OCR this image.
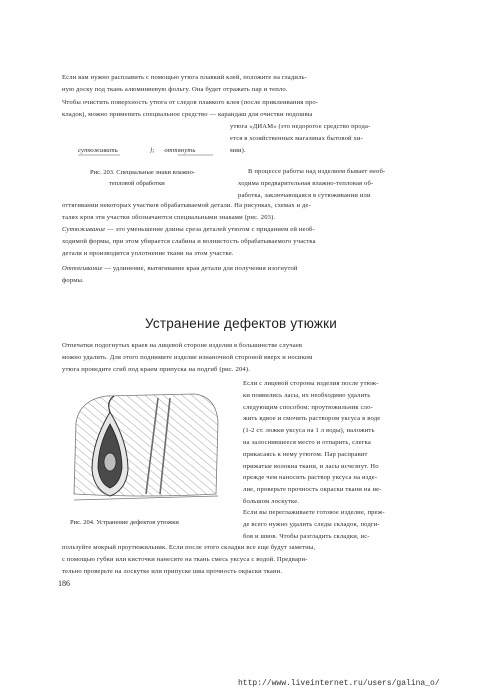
Если вам нужно расплавить с помощью утюга плавкий клей, положите на гладиль-
ную доску под ткань алюминиевую фольгу. Она будет отражать пар и тепло.
Чтобы очистить поверхность утюга от следов плавкого клея (после приклеивания про-
кладок), можно применить специальное средство — карандаш для очистки подошвы
утюга «ДИАМ» (это недорогое средство прода-
ется в хозяйственных магазинах бытовой хи-
мии).
сутюживать	}; оттянуть
Рис. 203. Специальные знаки влажно-
тепловой обработки
В процессе работы над изделием бывает необ-
ходима предварительная влажно-тепловая об-
работка, заключающаяся в сутюживании или
оттягивании некоторых участков обрабатываемой детали. На рисунках, схемах и де-
талях кроя эти участки обозначаются специальными знаками (рис. 203).
Сутюживание — это уменьшение длины среза деталей утюгом с приданием ей необ-
ходимой формы, при этом убирается слабина и волнистость обрабатываемого участка
детали и производится уплотнение ткани на этом участке.
Оттягивание — удлинение, вытягивание края детали для получения изогнутой
формы.
Устранение дефектов утюжки
Отпечатки подогнутых краев на лицевой стороне изделия в большинстве случаев
можно удалить. Для этого поднимите изделие изнаночной стороной вверх и носиком
утюга проведите сгиб под краем припуска на подгиб (рис. 204).
Рис. 204. Устранение дефектов утюжки
Если с лицевой стороны изделия после утюж-
ки появились ласы, их необходимо удалить
следующим способом: проутюжильник сло-
жить вдвое и смочить раствором уксуса в воде
(1-2 ст. ложки уксуса на 1 л воды), наложить
на залоснившееся место и отпарить, слегка
прикасаясь к нему утюгом. Пар расправит
прижатые волокна ткани, и ласы исчезнут. Но
прежде чем наносить раствор уксуса на изде-
лие, проверьте прочность окраски ткани на не-
большом лоскутке.
Если вы переглаживаете готовое изделие, преж-
де всего нужно удалить следы складок, подги-
бов и швов. Чтобы разгладить складки, ис-
пользуйте мокрый проутюжильник. Если после этого складки все еще будут заметны,
с помощью губки или кисточки нанесите на ткань смесь уксуса с водой. Предвари-
тельно проверьте на лоскутке или припуске шва прочность окраски ткани.
186
http://www.liveinternet.ru/users/galina_o/
